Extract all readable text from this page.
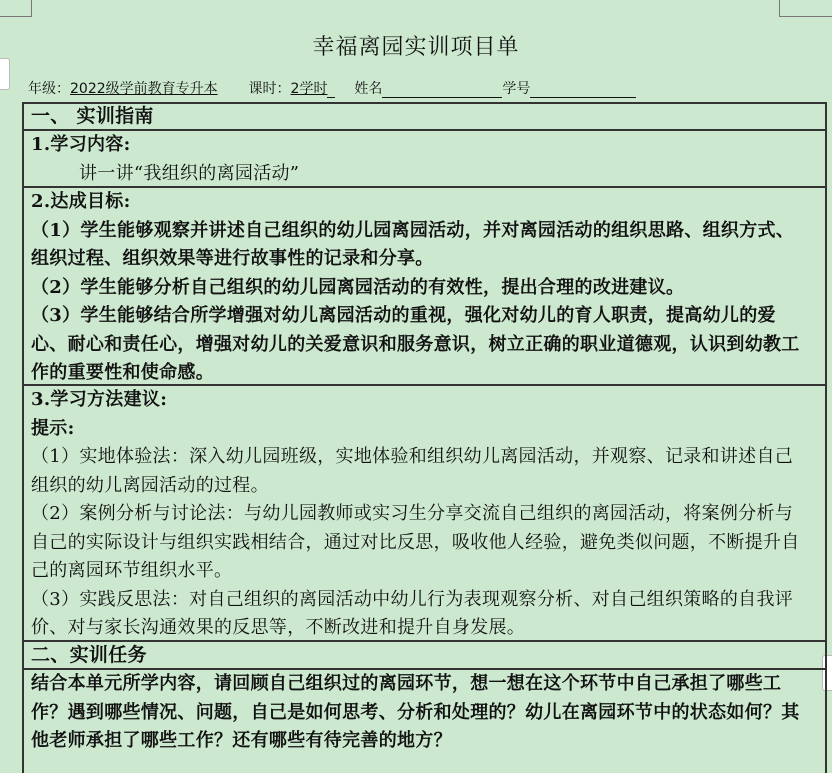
幸福离园实训项目单
年级：2022级学前教育专升本 课时：2学时 姓名	学号
一、 实训指南
1.学习内容:
讲一讲“我组织的离园活动”
2.达成目标:
（1）学生能够观察并讲述自己组织的幼儿园离园活动，并对离园活动的组织思路、组织方式、组织过程、组织效果等进行故事性的记录和分享。
（2）学生能够分析自己组织的幼儿园离园活动的有效性，提出合理的改进建议。
（3）学生能够结合所学增强对幼儿离园活动的重视，强化对幼儿的育人职责，提高幼儿的爱心、耐心和责任心，增强对幼儿的关爱意识和服务意识，树立正确的职业道德观，认识到幼教工作的重要性和使命感。
3.学习方法建议:
提示:
（1）实地体验法：深入幼儿园班级，实地体验和组织幼儿离园活动，并观察、记录和讲述自己组织的幼儿离园活动的过程。
（2）案例分析与讨论法：与幼儿园教师或实习生分享交流自己组织的离园活动，将案例分析与自己的实际设计与组织实践相结合，通过对比反思，吸收他人经验，避免类似问题，不断提升自己的离园环节组织水平。
（3）实践反思法：对自己组织的离园活动中幼儿行为表现观察分析、对自己组织策略的自我评价、对与家长沟通效果的反思等，不断改进和提升自身发展。
二、实训任务
结合本单元所学内容，请回顾自己组织过的离园环节，想一想在这个环节中自己承担了哪些工作？遇到哪些情况、问题，自己是如何思考、分析和处理的？幼儿在离园环节中的状态如何？其他老师承担了哪些工作？还有哪些有待完善的地方？
